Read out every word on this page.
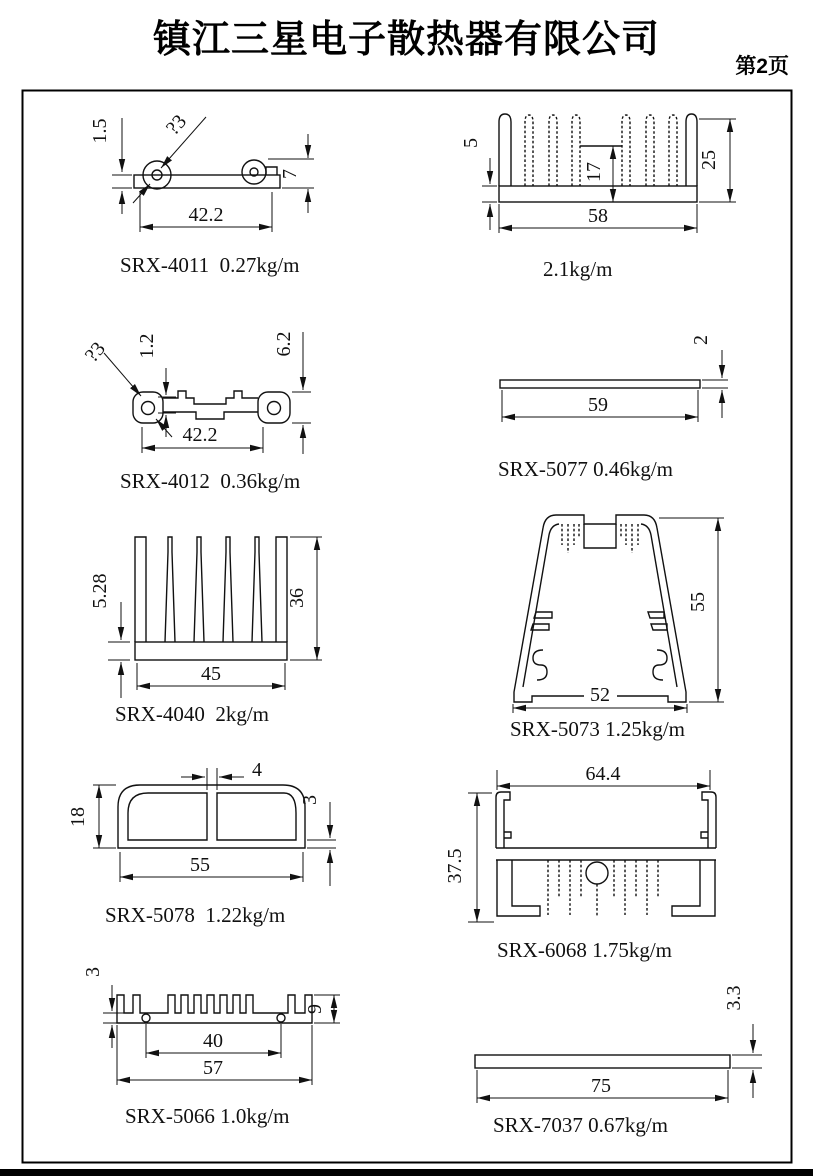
1.5	?3
7
42.2
5
17
25
58
?3 1.2	6.2
42.2
59
2
5.28	36
45
55
52
4
18
3
55
64.4
37.5
3
9
40
57
3.3
75
镇江三星电子散热器有限公司
第2页
SRX-4011  0.27kg/m	2.1kg/m
SRX-4012  0.36kg/m	SRX-5077 0.46kg/m
SRX-4040  2kg/m
SRX-5073 1.25kg/m
SRX-5078  1.22kg/m
SRX-6068 1.75kg/m
SRX-5066 1.0kg/m	SRX-7037 0.67kg/m
